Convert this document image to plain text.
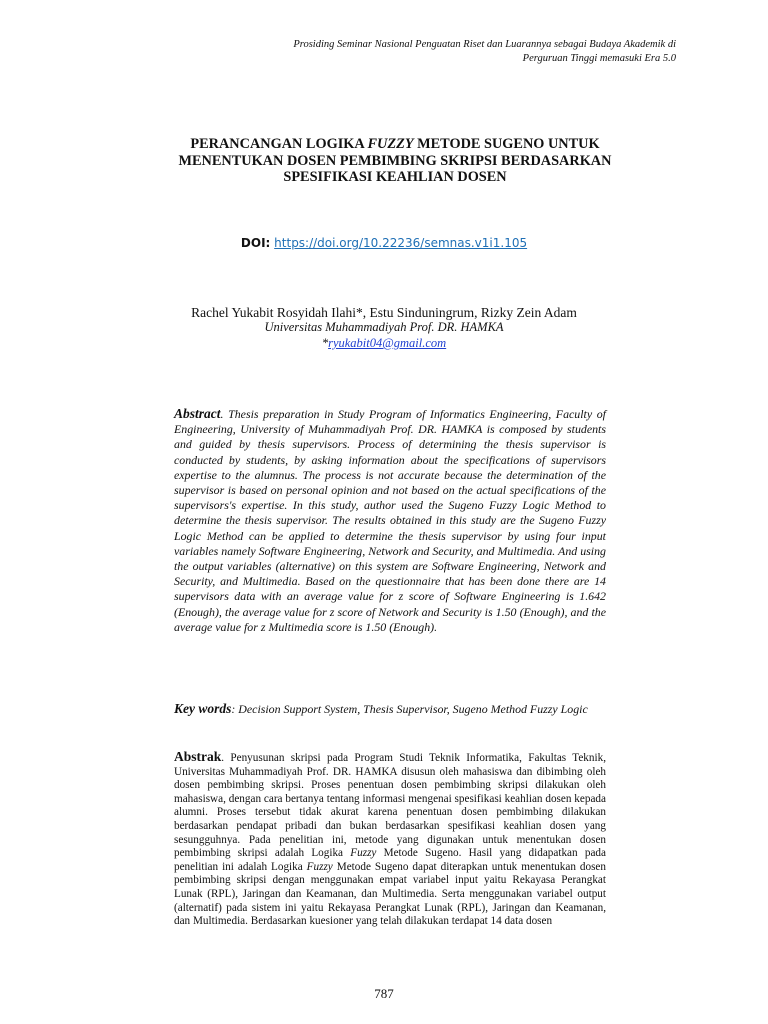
Prosiding Seminar Nasional Penguatan Riset dan Luarannya sebagai Budaya Akademik di
Perguruan Tinggi memasuki Era 5.0
PERANCANGAN LOGIKA FUZZY METODE SUGENO UNTUK
MENENTUKAN DOSEN PEMBIMBING SKRIPSI BERDASARKAN
SPESIFIKASI KEAHLIAN DOSEN
DOI: https://doi.org/10.22236/semnas.v1i1.105
Rachel Yukabit Rosyidah Ilahi*, Estu Sinduningrum, Rizky Zein Adam
Universitas Muhammadiyah Prof. DR. HAMKA
*ryukabit04@gmail.com
Abstract. Thesis preparation in Study Program of Informatics Engineering, Faculty of Engineering, University of Muhammadiyah Prof. DR. HAMKA is composed by students and guided by thesis supervisors. Process of determining the thesis supervisor is conducted by students, by asking information about the specifications of supervisors expertise to the alumnus. The process is not accurate because the determination of the supervisor is based on personal opinion and not based on the actual specifications of the supervisors's expertise. In this study, author used the Sugeno Fuzzy Logic Method to determine the thesis supervisor. The results obtained in this study are the Sugeno Fuzzy Logic Method can be applied to determine the thesis supervisor by using four input variables namely Software Engineering, Network and Security, and Multimedia. And using the output variables (alternative) on this system are Software Engineering, Network and Security, and Multimedia. Based on the questionnaire that has been done there are 14 supervisors data with an average value for z score of Software Engineering is 1.642 (Enough), the average value for z score of Network and Security is 1.50 (Enough), and the average value for z Multimedia score is 1.50 (Enough).
Key words: Decision Support System, Thesis Supervisor, Sugeno Method Fuzzy Logic
Abstrak. Penyusunan skripsi pada Program Studi Teknik Informatika, Fakultas Teknik, Universitas Muhammadiyah Prof. DR. HAMKA disusun oleh mahasiswa dan dibimbing oleh dosen pembimbing skripsi. Proses penentuan dosen pembimbing skripsi dilakukan oleh mahasiswa, dengan cara bertanya tentang informasi mengenai spesifikasi keahlian dosen kepada alumni. Proses tersebut tidak akurat karena penentuan dosen pembimbing dilakukan berdasarkan pendapat pribadi dan bukan berdasarkan spesifikasi keahlian dosen yang sesungguhnya. Pada penelitian ini, metode yang digunakan untuk menentukan dosen pembimbing skripsi adalah Logika Fuzzy Metode Sugeno. Hasil yang didapatkan pada penelitian ini adalah Logika Fuzzy Metode Sugeno dapat diterapkan untuk menentukan dosen pembimbing skripsi dengan menggunakan empat variabel input yaitu Rekayasa Perangkat Lunak (RPL), Jaringan dan Keamanan, dan Multimedia. Serta menggunakan variabel output (alternatif) pada sistem ini yaitu Rekayasa Perangkat Lunak (RPL), Jaringan dan Keamanan, dan Multimedia. Berdasarkan kuesioner yang telah dilakukan terdapat 14 data dosen
787
